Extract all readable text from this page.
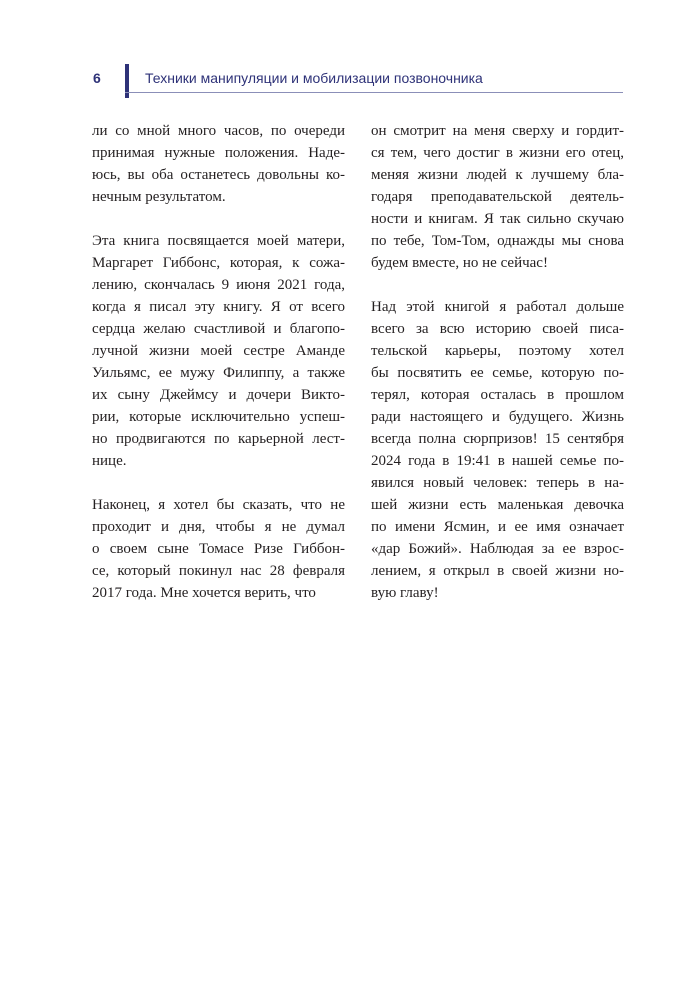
6	Техники манипуляции и мобилизации позвоночника

ли со мной много часов, по очереди
принимая нужные положения. Наде-
юсь, вы оба останетесь довольны ко-
нечным результатом.

Эта книга посвящается моей матери,
Маргарет Гиббонс, которая, к сожа-
лению, скончалась 9 июня 2021 года,
когда я писал эту книгу. Я от всего
сердца желаю счастливой и благопо-
лучной жизни моей сестре Аманде
Уильямс, ее мужу Филиппу, а также
их сыну Джеймсу и дочери Викто-
рии, которые исключительно успеш-
но продвигаются по карьерной лест-
нице.

Наконец, я хотел бы сказать, что не
проходит и дня, чтобы я не думал
о своем сыне Томасе Ризе Гиббон-
се, который покинул нас 28 февраля
2017 года. Мне хочется верить, что

он смотрит на меня сверху и гордит-
ся тем, чего достиг в жизни его отец,
меняя жизни людей к лучшему бла-
годаря преподавательской деятель-
ности и книгам. Я так сильно скучаю
по тебе, Том-Том, однажды мы снова
будем вместе, но не сейчас!

Над этой книгой я работал дольше
всего за всю историю своей писа-
тельской карьеры, поэтому хотел
бы посвятить ее семье, которую по-
терял, которая осталась в прошлом
ради настоящего и будущего. Жизнь
всегда полна сюрпризов! 15 сентября
2024 года в 19:41 в нашей семье по-
явился новый человек: теперь в на-
шей жизни есть маленькая девочка
по имени Ясмин, и ее имя означает
«дар Божий». Наблюдая за ее взрос-
лением, я открыл в своей жизни но-
вую главу!
